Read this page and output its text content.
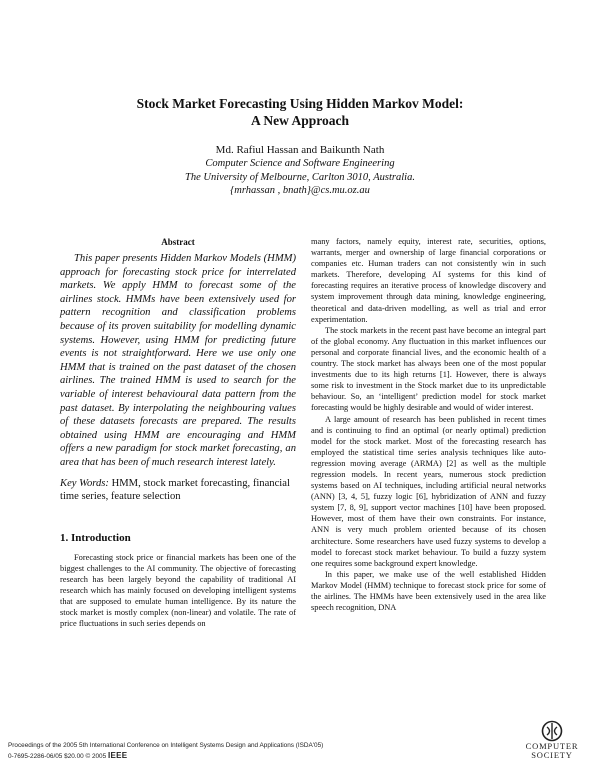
Stock Market Forecasting Using Hidden Markov Model:
A New Approach
Md. Rafiul Hassan and Baikunth Nath
Computer Science and Software Engineering
The University of Melbourne, Carlton 3010, Australia.
{mrhassan , bnath}@cs.mu.oz.au
Abstract

This paper presents Hidden Markov Models (HMM) approach for forecasting stock price for interrelated markets. We apply HMM to forecast some of the airlines stock. HMMs have been extensively used for pattern recognition and classification problems because of its proven suitability for modelling dynamic systems. However, using HMM for predicting future events is not straightforward. Here we use only one HMM that is trained on the past dataset of the chosen airlines. The trained HMM is used to search for the variable of interest behavioural data pattern from the past dataset. By interpolating the neighbouring values of these datasets forecasts are prepared. The results obtained using HMM are encouraging and HMM offers a new paradigm for stock market forecasting, an area that has been of much research interest lately.

Key Words: HMM, stock market forecasting, financial time series, feature selection
1. Introduction

Forecasting stock price or financial markets has been one of the biggest challenges to the AI community. The objective of forecasting research has been largely beyond the capability of traditional AI research which has mainly focused on developing intelligent systems that are supposed to emulate human intelligence. By its nature the stock market is mostly complex (non-linear) and volatile. The rate of price fluctuations in such series depends on

many factors, namely equity, interest rate, securities, options, warrants, merger and ownership of large financial corporations or companies etc. Human traders can not consistently win in such markets. Therefore, developing AI systems for this kind of forecasting requires an iterative process of knowledge discovery and system improvement through data mining, knowledge engineering, theoretical and data-driven modelling, as well as trial and error experimentation.

The stock markets in the recent past have become an integral part of the global economy. Any fluctuation in this market influences our personal and corporate financial lives, and the economic health of a country. The stock market has always been one of the most popular investments due to its high returns [1]. However, there is always some risk to investment in the Stock market due to its unpredictable behaviour. So, an ‘intelligent’ prediction model for stock market forecasting would be highly desirable and would of wider interest.

A large amount of research has been published in recent times and is continuing to find an optimal (or nearly optimal) prediction model for the stock market. Most of the forecasting research has employed the statistical time series analysis techniques like auto-regression moving average (ARMA) [2] as well as the multiple regression models. In recent years, numerous stock prediction systems based on AI techniques, including artificial neural networks (ANN) [3, 4, 5], fuzzy logic [6], hybridization of ANN and fuzzy system [7, 8, 9], support vector machines [10] have been proposed. However, most of them have their own constraints. For instance, ANN is very much problem oriented because of its chosen architecture. Some researchers have used fuzzy systems to develop a model to forecast stock market behaviour. To build a fuzzy system one requires some background expert knowledge.

In this paper, we make use of the well established Hidden Markov Model (HMM) technique to forecast stock price for some of the airlines. The HMMs have been extensively used in the area like speech recognition, DNA

Proceedings of the 2005 5th International Conference on Intelligent Systems Design and Applications (ISDA'05)
0-7695-2286-06/05 $20.00 © 2005 IEEE
COMPUTER
SOCIETY
